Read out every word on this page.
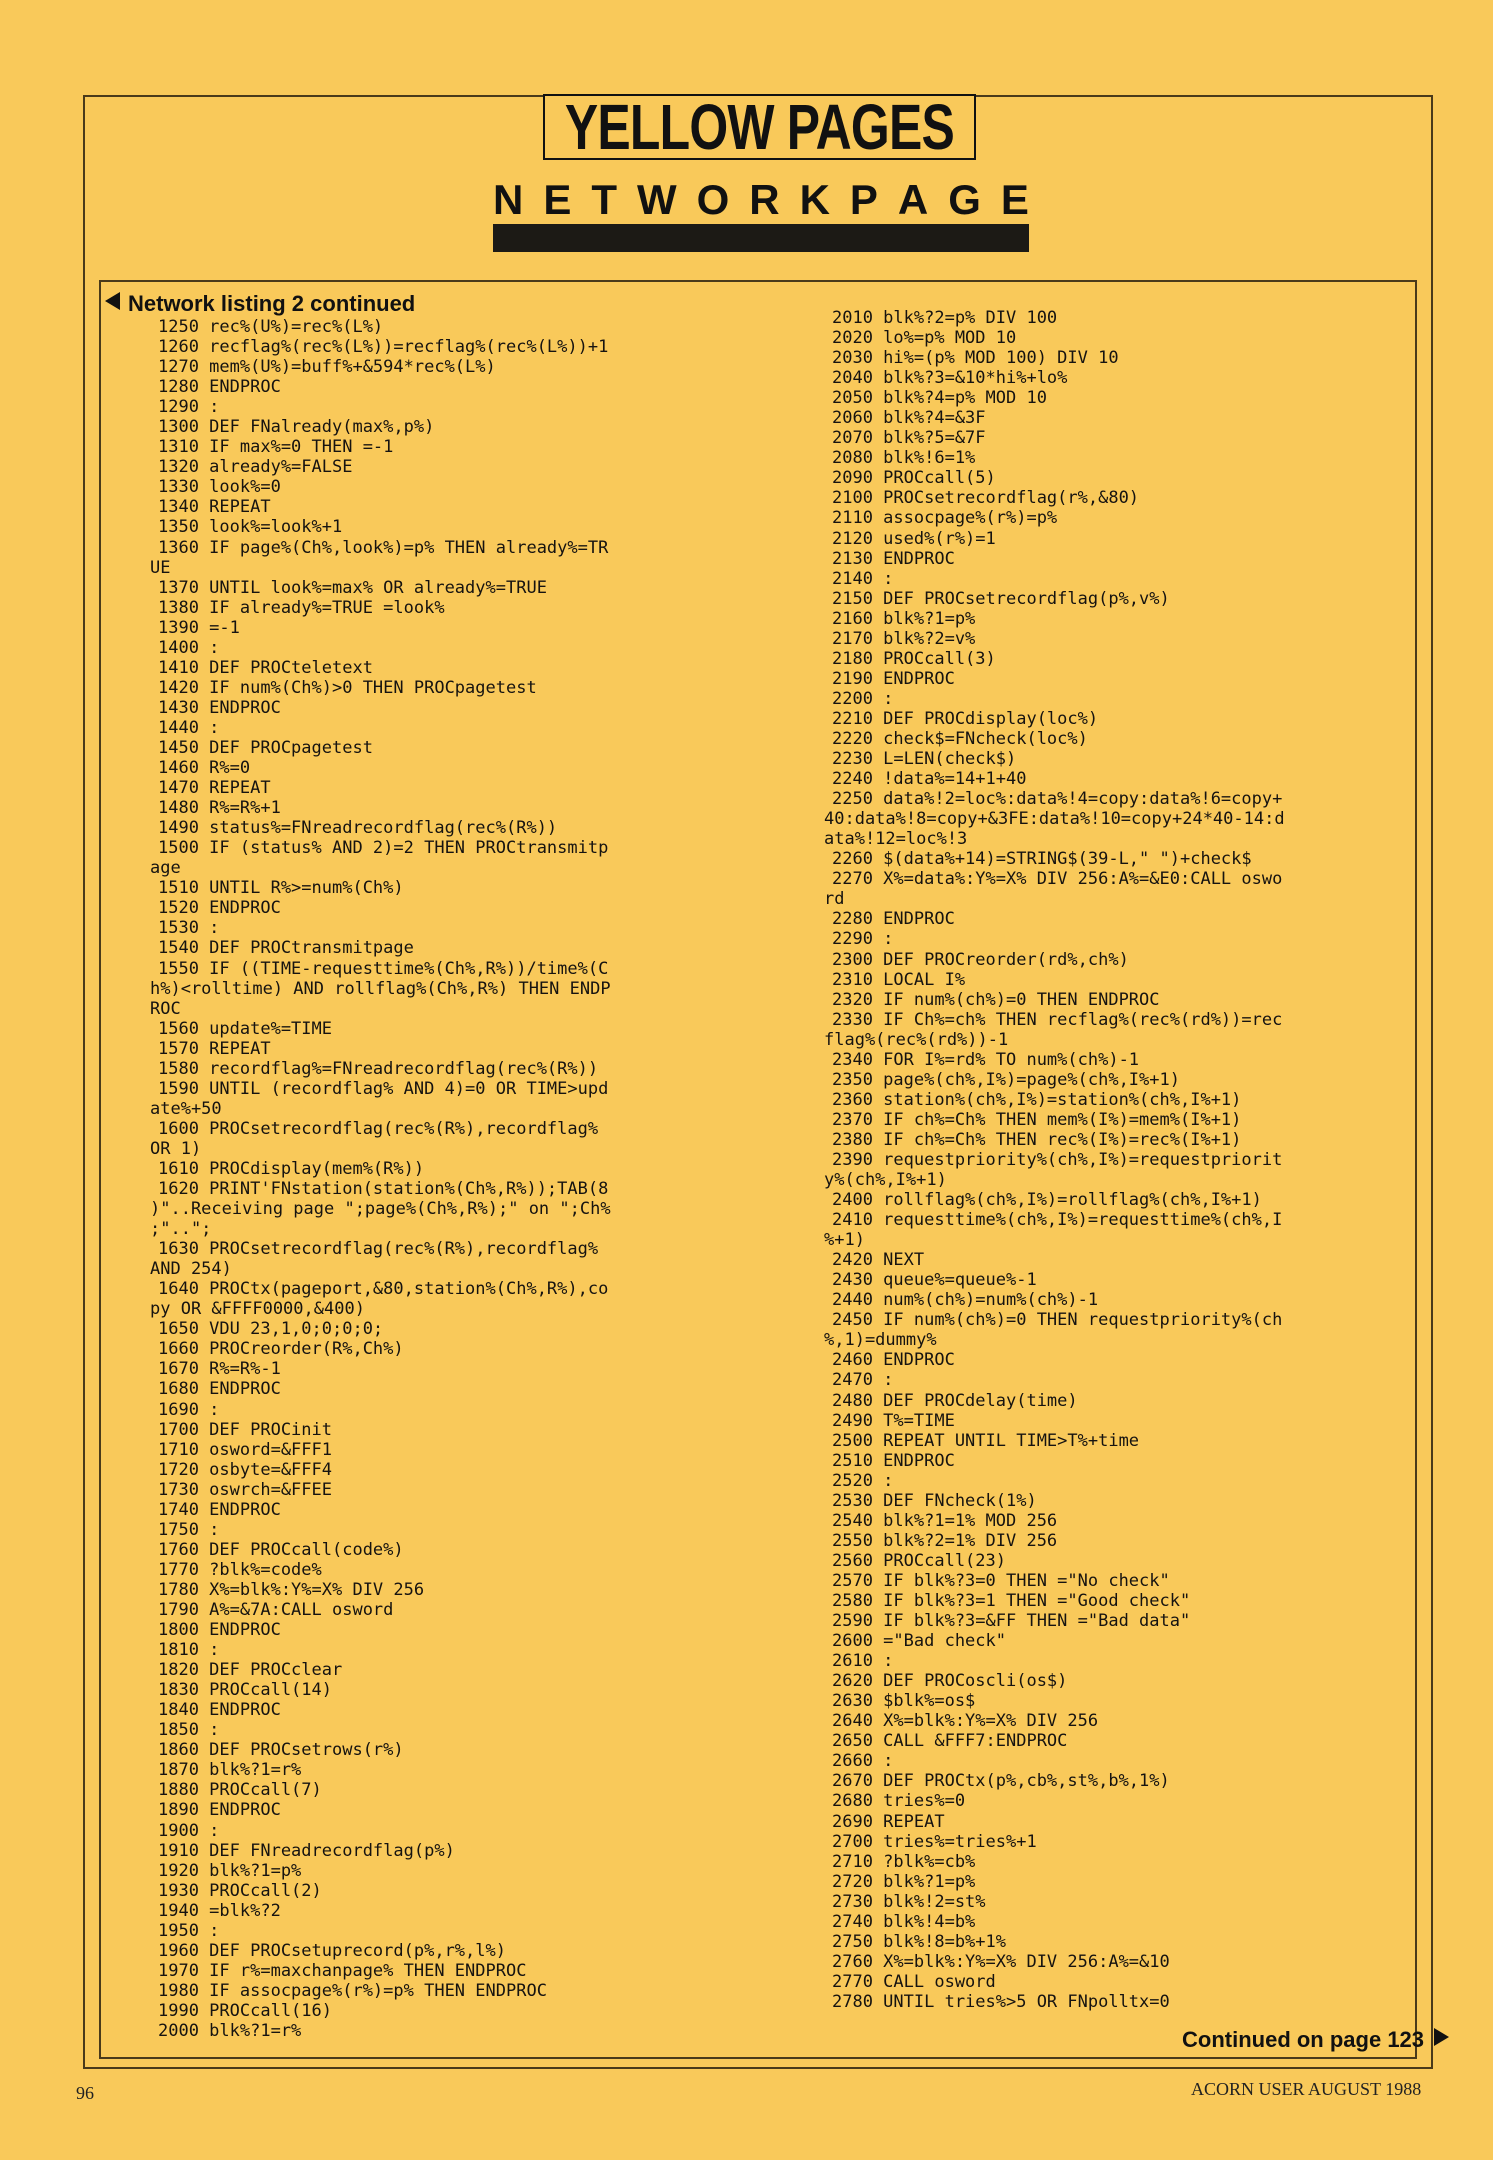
YELLOW PAGES
N E T W O R K P A G E
Network listing 2 continued
1250 rec%(U%)=rec%(L%)
1260 recflag%(rec%(L%))=recflag%(rec%(L%))+1
1270 mem%(U%)=buff%+&594*rec%(L%)
1280 ENDPROC
1290 :
1300 DEF FNalready(max%,p%)
1310 IF max%=0 THEN =-1
1320 already%=FALSE
1330 look%=0
1340 REPEAT
1350 look%=look%+1
1360 IF page%(Ch%,look%)=p% THEN already%=TR
UE
1370 UNTIL look%=max% OR already%=TRUE
1380 IF already%=TRUE =look%
1390 =-1
1400 :
1410 DEF PROCteletext
1420 IF num%(Ch%)>0 THEN PROCpagetest
1430 ENDPROC
1440 :
1450 DEF PROCpagetest
1460 R%=0
1470 REPEAT
1480 R%=R%+1
1490 status%=FNreadrecordflag(rec%(R%))
1500 IF (status% AND 2)=2 THEN PROCtransmitp
age
1510 UNTIL R%>=num%(Ch%)
1520 ENDPROC
1530 :
1540 DEF PROCtransmitpage
1550 IF ((TIME-requesttime%(Ch%,R%))/time%(C
h%)<rolltime) AND rollflag%(Ch%,R%) THEN ENDP
ROC
1560 update%=TIME
1570 REPEAT
1580 recordflag%=FNreadrecordflag(rec%(R%))
1590 UNTIL (recordflag% AND 4)=0 OR TIME>upd
ate%+50
1600 PROCsetrecordflag(rec%(R%),recordflag%
OR 1)
1610 PROCdisplay(mem%(R%))
1620 PRINT'FNstation(station%(Ch%,R%));TAB(8
)"..Receiving page ";page%(Ch%,R%);" on ";Ch%
;"..";
1630 PROCsetrecordflag(rec%(R%),recordflag%
AND 254)
1640 PROCtx(pageport,&80,station%(Ch%,R%),co
py OR &FFFF0000,&400)
1650 VDU 23,1,0;0;0;0;
1660 PROCreorder(R%,Ch%)
1670 R%=R%-1
1680 ENDPROC
1690 :
1700 DEF PROCinit
1710 osword=&FFF1
1720 osbyte=&FFF4
1730 oswrch=&FFEE
1740 ENDPROC
1750 :
1760 DEF PROCcall(code%)
1770 ?blk%=code%
1780 X%=blk%:Y%=X% DIV 256
1790 A%=&7A:CALL osword
1800 ENDPROC
1810 :
1820 DEF PROCclear
1830 PROCcall(14)
1840 ENDPROC
1850 :
1860 DEF PROCsetrows(r%)
1870 blk%?1=r%
1880 PROCcall(7)
1890 ENDPROC
1900 :
1910 DEF FNreadrecordflag(p%)
1920 blk%?1=p%
1930 PROCcall(2)
1940 =blk%?2
1950 :
1960 DEF PROCsetuprecord(p%,r%,l%)
1970 IF r%=maxchanpage% THEN ENDPROC
1980 IF assocpage%(r%)=p% THEN ENDPROC
1990 PROCcall(16)
2000 blk%?1=r%
2010 blk%?2=p% DIV 100
2020 lo%=p% MOD 10
2030 hi%=(p% MOD 100) DIV 10
2040 blk%?3=&10*hi%+lo%
2050 blk%?4=p% MOD 10
2060 blk%?4=&3F
2070 blk%?5=&7F
2080 blk%!6=1%
2090 PROCcall(5)
2100 PROCsetrecordflag(r%,&80)
2110 assocpage%(r%)=p%
2120 used%(r%)=1
2130 ENDPROC
2140 :
2150 DEF PROCsetrecordflag(p%,v%)
2160 blk%?1=p%
2170 blk%?2=v%
2180 PROCcall(3)
2190 ENDPROC
2200 :
2210 DEF PROCdisplay(loc%)
2220 check$=FNcheck(loc%)
2230 L=LEN(check$)
2240 !data%=14+1+40
2250 data%!2=loc%:data%!4=copy:data%!6=copy+
40:data%!8=copy+&3FE:data%!10=copy+24*40-14:d
ata%!12=loc%!3
2260 $(data%+14)=STRING$(39-L," ")+check$
2270 X%=data%:Y%=X% DIV 256:A%=&E0:CALL oswo
rd
2280 ENDPROC
2290 :
2300 DEF PROCreorder(rd%,ch%)
2310 LOCAL I%
2320 IF num%(ch%)=0 THEN ENDPROC
2330 IF Ch%=ch% THEN recflag%(rec%(rd%))=rec
flag%(rec%(rd%))-1
2340 FOR I%=rd% TO num%(ch%)-1
2350 page%(ch%,I%)=page%(ch%,I%+1)
2360 station%(ch%,I%)=station%(ch%,I%+1)
2370 IF ch%=Ch% THEN mem%(I%)=mem%(I%+1)
2380 IF ch%=Ch% THEN rec%(I%)=rec%(I%+1)
2390 requestpriority%(ch%,I%)=requestpriorit
y%(ch%,I%+1)
2400 rollflag%(ch%,I%)=rollflag%(ch%,I%+1)
2410 requesttime%(ch%,I%)=requesttime%(ch%,I
%+1)
2420 NEXT
2430 queue%=queue%-1
2440 num%(ch%)=num%(ch%)-1
2450 IF num%(ch%)=0 THEN requestpriority%(ch
%,1)=dummy%
2460 ENDPROC
2470 :
2480 DEF PROCdelay(time)
2490 T%=TIME
2500 REPEAT UNTIL TIME>T%+time
2510 ENDPROC
2520 :
2530 DEF FNcheck(1%)
2540 blk%?1=1% MOD 256
2550 blk%?2=1% DIV 256
2560 PROCcall(23)
2570 IF blk%?3=0 THEN ="No check"
2580 IF blk%?3=1 THEN ="Good check"
2590 IF blk%?3=&FF THEN ="Bad data"
2600 ="Bad check"
2610 :
2620 DEF PROCoscli(os$)
2630 $blk%=os$
2640 X%=blk%:Y%=X% DIV 256
2650 CALL &FFF7:ENDPROC
2660 :
2670 DEF PROCtx(p%,cb%,st%,b%,1%)
2680 tries%=0
2690 REPEAT
2700 tries%=tries%+1
2710 ?blk%=cb%
2720 blk%?1=p%
2730 blk%!2=st%
2740 blk%!4=b%
2750 blk%!8=b%+1%
2760 X%=blk%:Y%=X% DIV 256:A%=&10
2770 CALL osword
2780 UNTIL tries%>5 OR FNpolltx=0
Continued on page 123
96	ACORN USER AUGUST 1988
